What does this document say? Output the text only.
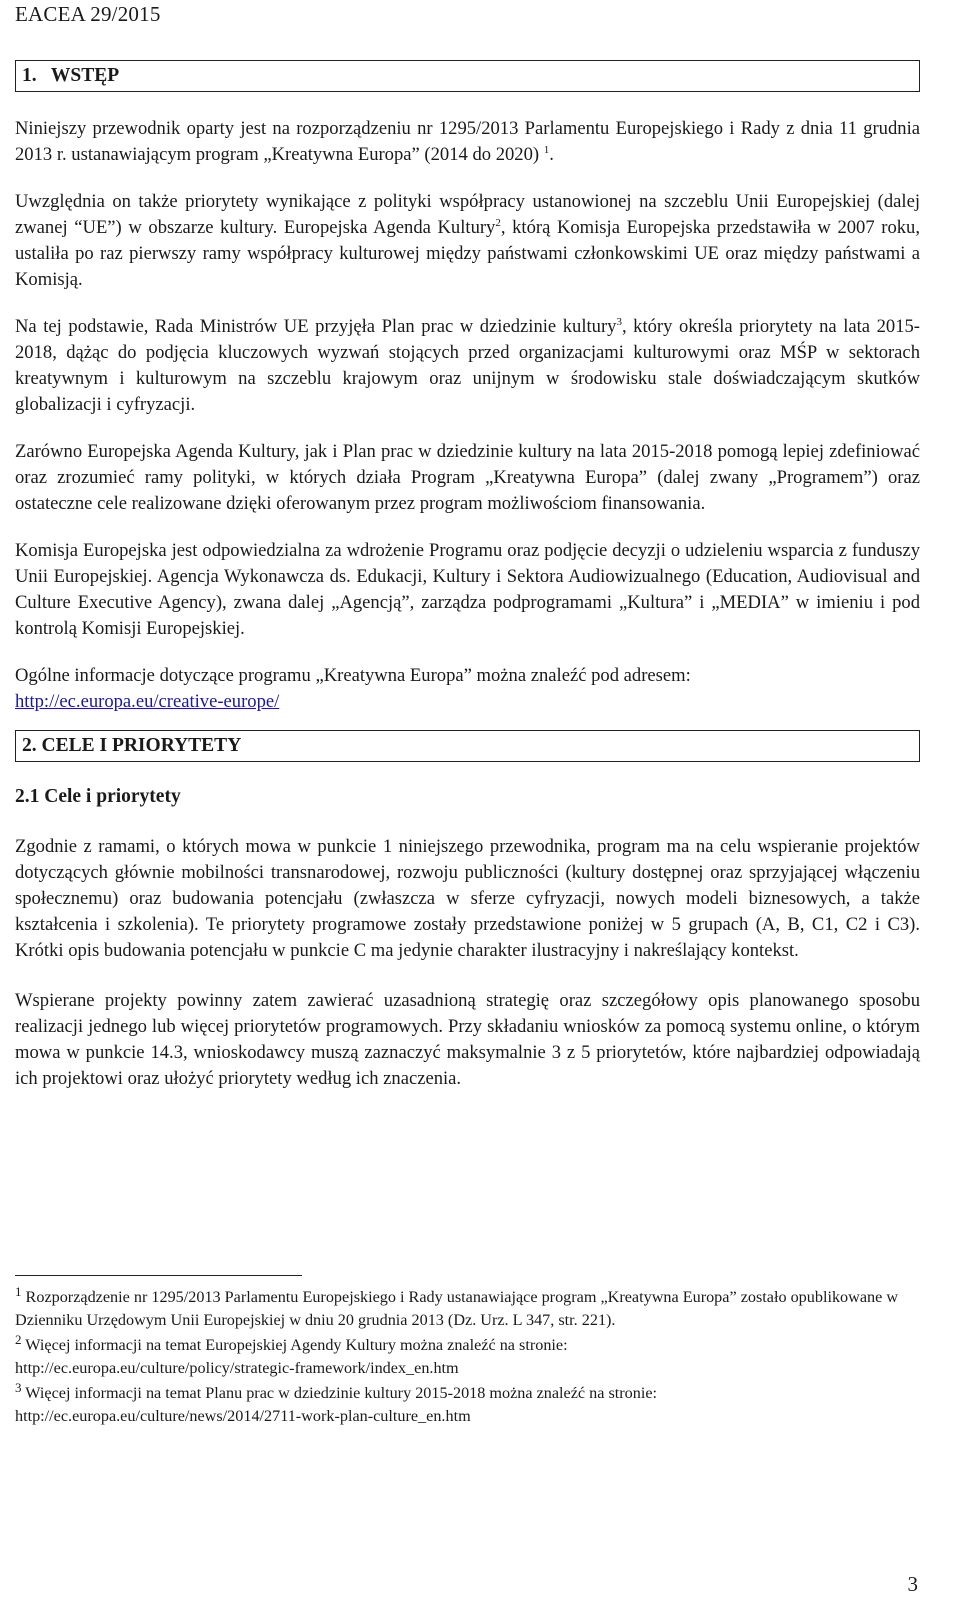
EACEA 29/2015
1.   WSTĘP

Niniejszy przewodnik oparty jest na rozporządzeniu nr 1295/2013 Parlamentu Europejskiego i Rady z dnia 11 grudnia 2013 r. ustanawiającym program „Kreatywna Europa” (2014 do 2020) $^1$.

Uwzględnia on także priorytety wynikające z polityki współpracy ustanowionej na szczeblu Unii Europejskiej (dalej zwanej “UE”) w obszarze kultury. Europejska Agenda Kultury$^2$, którą Komisja Europejska przedstawiła w 2007 roku, ustaliła po raz pierwszy ramy współpracy kulturowej między państwami członkowskimi UE oraz między państwami a Komisją.

Na tej podstawie, Rada Ministrów UE przyjęła Plan prac w dziedzinie kultury$^3$, który określa priorytety na lata 2015-2018, dążąc do podjęcia kluczowych wyzwań stojących przed organizacjami kulturowymi oraz MŚP w sektorach kreatywnym i kulturowym na szczeblu krajowym oraz unijnym w środowisku stale doświadczającym skutków globalizacji i cyfryzacji.

Zarówno Europejska Agenda Kultury, jak i Plan prac w dziedzinie kultury na lata 2015-2018 pomogą lepiej zdefiniować oraz zrozumieć ramy polityki, w których działa Program „Kreatywna Europa” (dalej zwany „Programem”) oraz ostateczne cele realizowane dzięki oferowanym przez program możliwościom finansowania.

Komisja Europejska jest odpowiedzialna za wdrożenie Programu oraz podjęcie decyzji o udzieleniu wsparcia z funduszy Unii Europejskiej. Agencja Wykonawcza ds. Edukacji, Kultury i Sektora Audiowizualnego (Education, Audiovisual and Culture Executive Agency), zwana dalej „Agencją”, zarządza podprogramami „Kultura” i „MEDIA” w imieniu i pod kontrolą Komisji Europejskiej.

Ogólne informacje dotyczące programu „Kreatywna Europa” można znaleźć pod adresem:
http://ec.europa.eu/creative-europe/

2. CELE I PRIORYTETY
2.1 Cele i priorytety

Zgodnie z ramami, o których mowa w punkcie 1 niniejszego przewodnika, program ma na celu wspieranie projektów dotyczących głównie mobilności transnarodowej, rozwoju publiczności (kultury dostępnej oraz sprzyjającej włączeniu społecznemu) oraz budowania potencjału (zwłaszcza w sferze cyfryzacji, nowych modeli biznesowych, a także kształcenia i szkolenia). Te priorytety programowe zostały przedstawione poniżej w 5 grupach (A, B, C1, C2 i C3). Krótki opis budowania potencjału w punkcie C ma jedynie charakter ilustracyjny i nakreślający kontekst.

Wspierane projekty powinny zatem zawierać uzasadnioną strategię oraz szczegółowy opis planowanego sposobu realizacji jednego lub więcej priorytetów programowych. Przy składaniu wniosków za pomocą systemu online, o którym mowa w punkcie 14.3, wnioskodawcy muszą zaznaczyć maksymalnie 3 z 5 priorytetów, które najbardziej odpowiadają ich projektowi oraz ułożyć priorytety według ich znaczenia.

$^1$ Rozporządzenie nr 1295/2013 Parlamentu Europejskiego i Rady ustanawiające program „Kreatywna Europa” zostało opublikowane w Dzienniku Urzędowym Unii Europejskiej w dniu 20 grudnia 2013 (Dz. Urz. L 347, str. 221).
$^2$ Więcej informacji na temat Europejskiej Agendy Kultury można znaleźć na stronie:
http://ec.europa.eu/culture/policy/strategic-framework/index_en.htm
$^3$ Więcej informacji na temat Planu prac w dziedzinie kultury 2015-2018 można znaleźć na stronie:
http://ec.europa.eu/culture/news/2014/2711-work-plan-culture_en.htm
3
